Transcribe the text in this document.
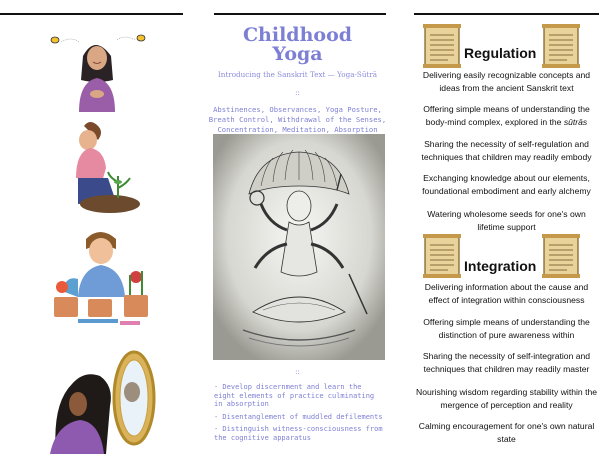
Childhood
Yoga
Introducing the Sanskrit Text — Yoga-Sūtrā
::
Abstinences, Observances, Yoga Posture, Breath Control, Withdrawal of the Senses, Concentration, Meditation, Absorption
::
- Develop discernment and learn the eight elements of practice culminating in absorption
- Disentanglement of muddled defilements
- Distinguish witness-consciousness from the cognitive apparatus
Regulation
Delivering easily recognizable concepts and ideas from the ancient Sanskrit text
Offering simple means of understanding the body-mind complex, explored in the sūtrās
Sharing the necessity of self-regulation and techniques that children may readily embody
Exchanging knowledge about our elements, foundational embodiment and early alchemy
Watering wholesome seeds for one's own lifetime support
Integration
Delivering information about the cause and effect of integration within consciousness
Offering simple means of understanding the distinction of pure awareness within
Sharing the necessity of self-integration and techniques that children may readily master
Nourishing wisdom regarding stability within the mergence of perception and reality
Calming encouragement for one's own natural state
